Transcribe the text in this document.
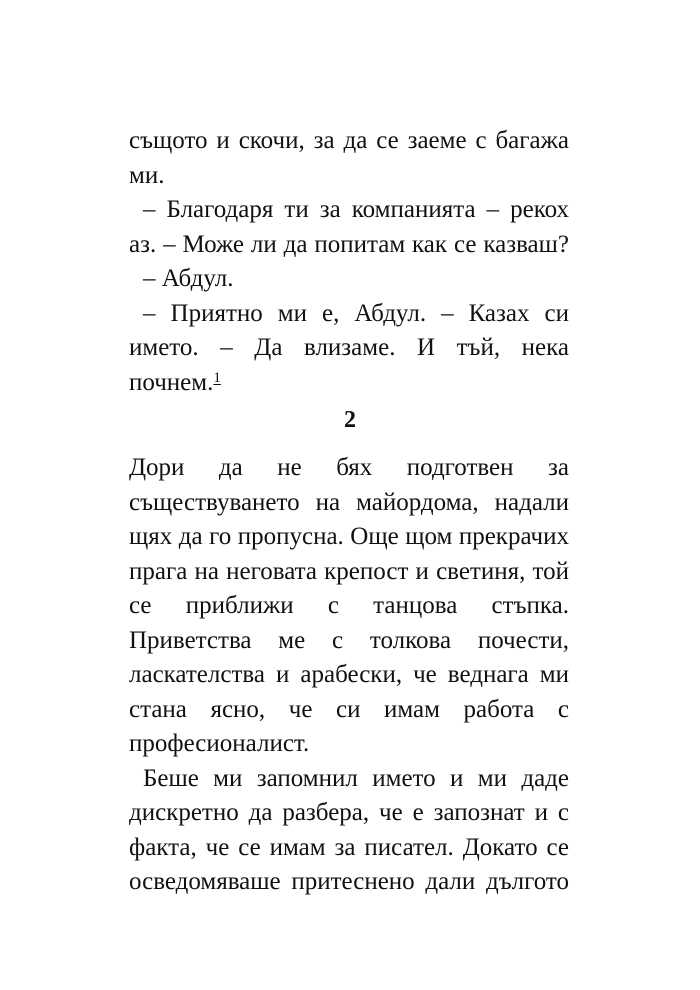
същото и скочи, за да се заеме с багажа
ми.
– Благодаря ти за компанията – рекох
аз. – Може ли да попитам как се казваш?
– Абдул.
– Приятно ми е, Абдул. – Казах си
името. – Да влизаме. И тъй, нека
почнем.$^1$
2
Дори да не бях подготвен за
съществуването на майордома, надали
щях да го пропусна. Още щом прекрачих
прага на неговата крепост и светиня, той
се приближи с танцова стъпка.
Приветства ме с толкова почести,
ласкателства и арабески, че веднага ми
стана ясно, че си имам работа с
професионалист.
Беше ми запомнил името и ми даде
дискретно да разбера, че е запознат и с
факта, че се имам за писател. Докато се
осведомяваше притеснено дали дългото
